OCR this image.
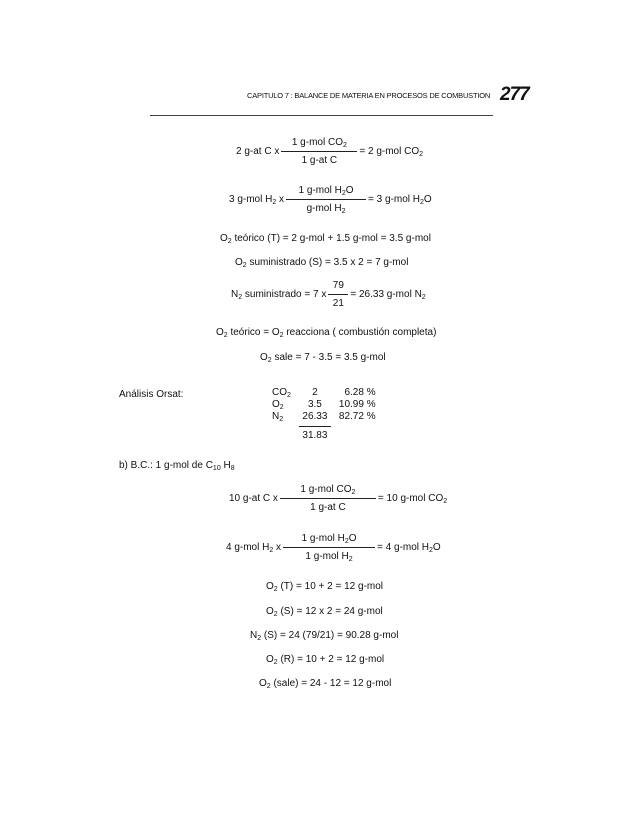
CAPITULO 7 : BALANCE DE MATERIA EN PROCESOS DE COMBUSTION 277
2 g-at C x
1 g-mol $CO_2$
1 g-at C
= 2 g-mol $CO_2$
3 g-mol $H_2$ x
1 g-mol $H_2O$
g-mol $H_2$
= 3 g-mol $H_2O$
$O_2$ teórico (T) = 2 g-mol + 1.5 g-mol = 3.5 g-mol
$O_2$ suministrado (S) = 3.5 x 2 = 7 g-mol
$N_2$ suministrado = 7 x
79
21
= 26.33 g-mol $N_2$
$O_2$ teórico = $O_2$ reacciona ( combustión completa)
$O_2$ sale = 7 - 3.5 = 3.5 g-mol
Análisis Orsat:	$CO_2$	2	6.28 %
$O_2$	3.5	10.99 %
$N_2$	26.33	82.72 %

31.83	
b) B.C.: 1 g-mol de $C_{10}$ $H_8$
10 g-at C x
1 g-mol $CO_2$
1 g-at C
= 10 g-mol $CO_2$
4 g-mol $H_2$ x
1 g-mol $H_2O$
1 g-mol $H_2$
= 4 g-mol $H_2O$
$O_2$ (T) = 10 + 2 = 12 g-mol
$O_2$ (S) = 12 x 2 = 24 g-mol
$N_2$ (S) = 24 (79/21) = 90.28 g-mol
$O_2$ (R) = 10 + 2 = 12 g-mol
$O_2$ (sale) = 24 - 12 = 12 g-mol
